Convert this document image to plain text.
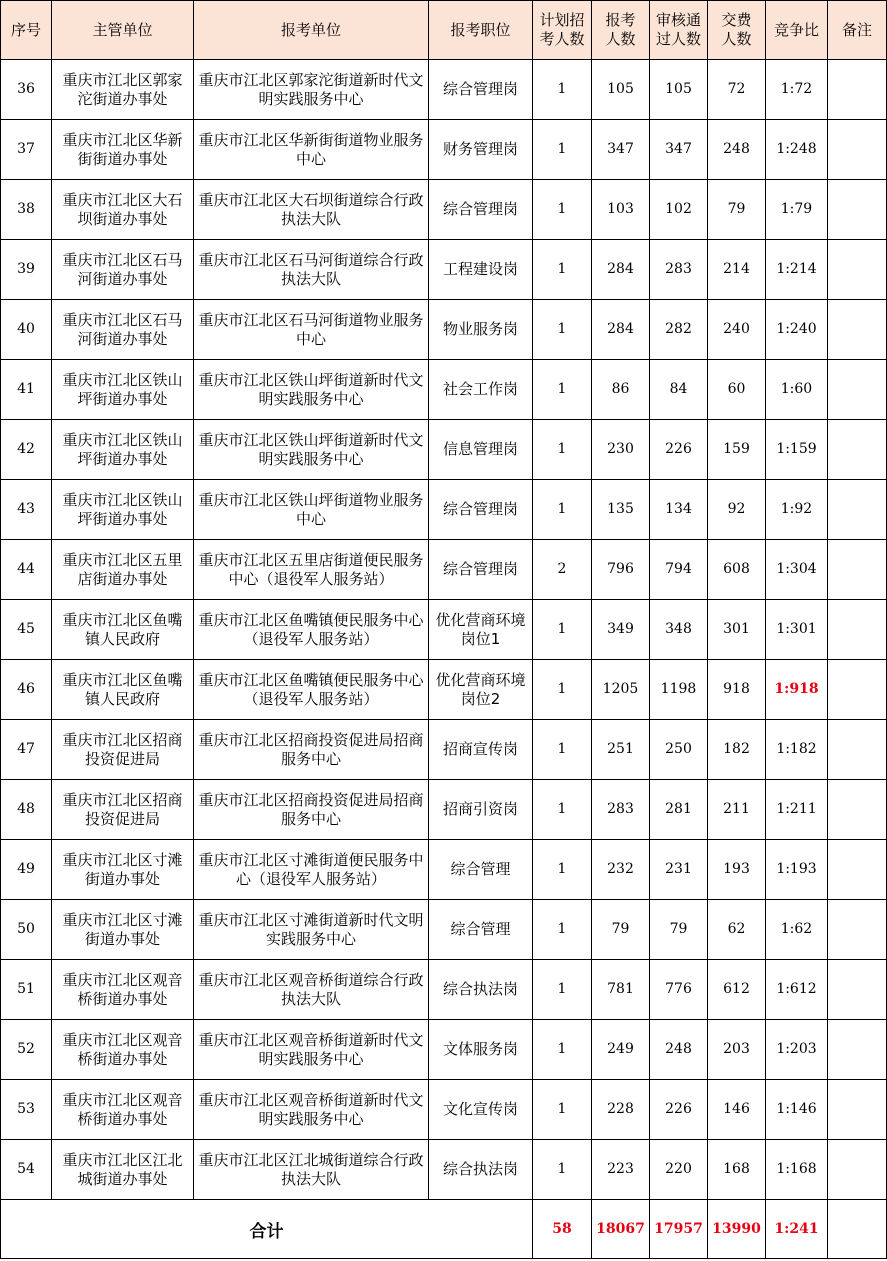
序号	主管单位	报考单位	报考职位	计划招考人数	报考人数	审核通过人数	交费人数	竞争比	备注
36	重庆市江北区郭家沱街道办事处	重庆市江北区郭家沱街道新时代文明实践服务中心	综合管理岗	1	105	105	72	1:72	
37	重庆市江北区华新街街道办事处	重庆市江北区华新街街道物业服务中心	财务管理岗	1	347	347	248	1:248	
38	重庆市江北区大石坝街道办事处	重庆市江北区大石坝街道综合行政执法大队	综合管理岗	1	103	102	79	1:79	
39	重庆市江北区石马河街道办事处	重庆市江北区石马河街道综合行政执法大队	工程建设岗	1	284	283	214	1:214	
40	重庆市江北区石马河街道办事处	重庆市江北区石马河街道物业服务中心	物业服务岗	1	284	282	240	1:240	
41	重庆市江北区铁山坪街道办事处	重庆市江北区铁山坪街道新时代文明实践服务中心	社会工作岗	1	86	84	60	1:60	
42	重庆市江北区铁山坪街道办事处	重庆市江北区铁山坪街道新时代文明实践服务中心	信息管理岗	1	230	226	159	1:159	
43	重庆市江北区铁山坪街道办事处	重庆市江北区铁山坪街道物业服务中心	综合管理岗	1	135	134	92	1:92	
44	重庆市江北区五里店街道办事处	重庆市江北区五里店街道便民服务中心（退役军人服务站）	综合管理岗	2	796	794	608	1:304	
45	重庆市江北区鱼嘴镇人民政府	重庆市江北区鱼嘴镇便民服务中心（退役军人服务站）	优化营商环境岗位1	1	349	348	301	1:301	
46	重庆市江北区鱼嘴镇人民政府	重庆市江北区鱼嘴镇便民服务中心（退役军人服务站）	优化营商环境岗位2	1	1205	1198	918	1:918	
47	重庆市江北区招商投资促进局	重庆市江北区招商投资促进局招商服务中心	招商宣传岗	1	251	250	182	1:182	
48	重庆市江北区招商投资促进局	重庆市江北区招商投资促进局招商服务中心	招商引资岗	1	283	281	211	1:211	
49	重庆市江北区寸滩街道办事处	重庆市江北区寸滩街道便民服务中心（退役军人服务站）	综合管理	1	232	231	193	1:193	
50	重庆市江北区寸滩街道办事处	重庆市江北区寸滩街道新时代文明实践服务中心	综合管理	1	79	79	62	1:62	
51	重庆市江北区观音桥街道办事处	重庆市江北区观音桥街道综合行政执法大队	综合执法岗	1	781	776	612	1:612	
52	重庆市江北区观音桥街道办事处	重庆市江北区观音桥街道新时代文明实践服务中心	文体服务岗	1	249	248	203	1:203	
53	重庆市江北区观音桥街道办事处	重庆市江北区观音桥街道新时代文明实践服务中心	文化宣传岗	1	228	226	146	1:146	
54	重庆市江北区江北城街道办事处	重庆市江北区江北城街道综合行政执法大队	综合执法岗	1	223	220	168	1:168	
合计				58	18067	17957	13990	1:241	
